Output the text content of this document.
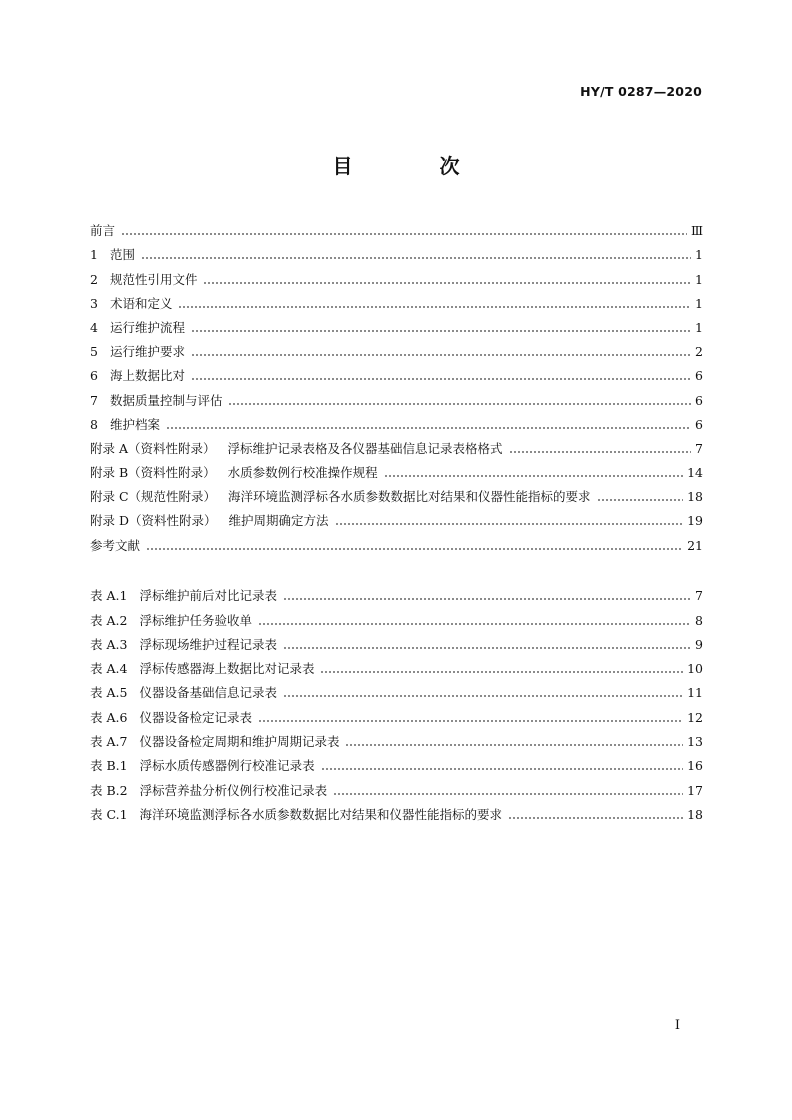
HY/T 0287—2020
目 次
前言	Ⅲ
1 范围	1
2 规范性引用文件	1
3 术语和定义	1
4 运行维护流程	1
5 运行维护要求	2
6 海上数据比对	6
7 数据质量控制与评估	6
8 维护档案	6
附录 A（资料性附录） 浮标维护记录表格及各仪器基础信息记录表格格式	7
附录 B（资料性附录） 水质参数例行校准操作规程	14
附录 C（规范性附录） 海洋环境监测浮标各水质参数数据比对结果和仪器性能指标的要求	18
附录 D（资料性附录） 维护周期确定方法	19
参考文献	21
表 A.1 浮标维护前后对比记录表	7
表 A.2 浮标维护任务验收单	8
表 A.3 浮标现场维护过程记录表	9
表 A.4 浮标传感器海上数据比对记录表	10
表 A.5 仪器设备基础信息记录表	11
表 A.6 仪器设备检定记录表	12
表 A.7 仪器设备检定周期和维护周期记录表	13
表 B.1 浮标水质传感器例行校准记录表	16
表 B.2 浮标营养盐分析仪例行校准记录表	17
表 C.1 海洋环境监测浮标各水质参数数据比对结果和仪器性能指标的要求	18
I
